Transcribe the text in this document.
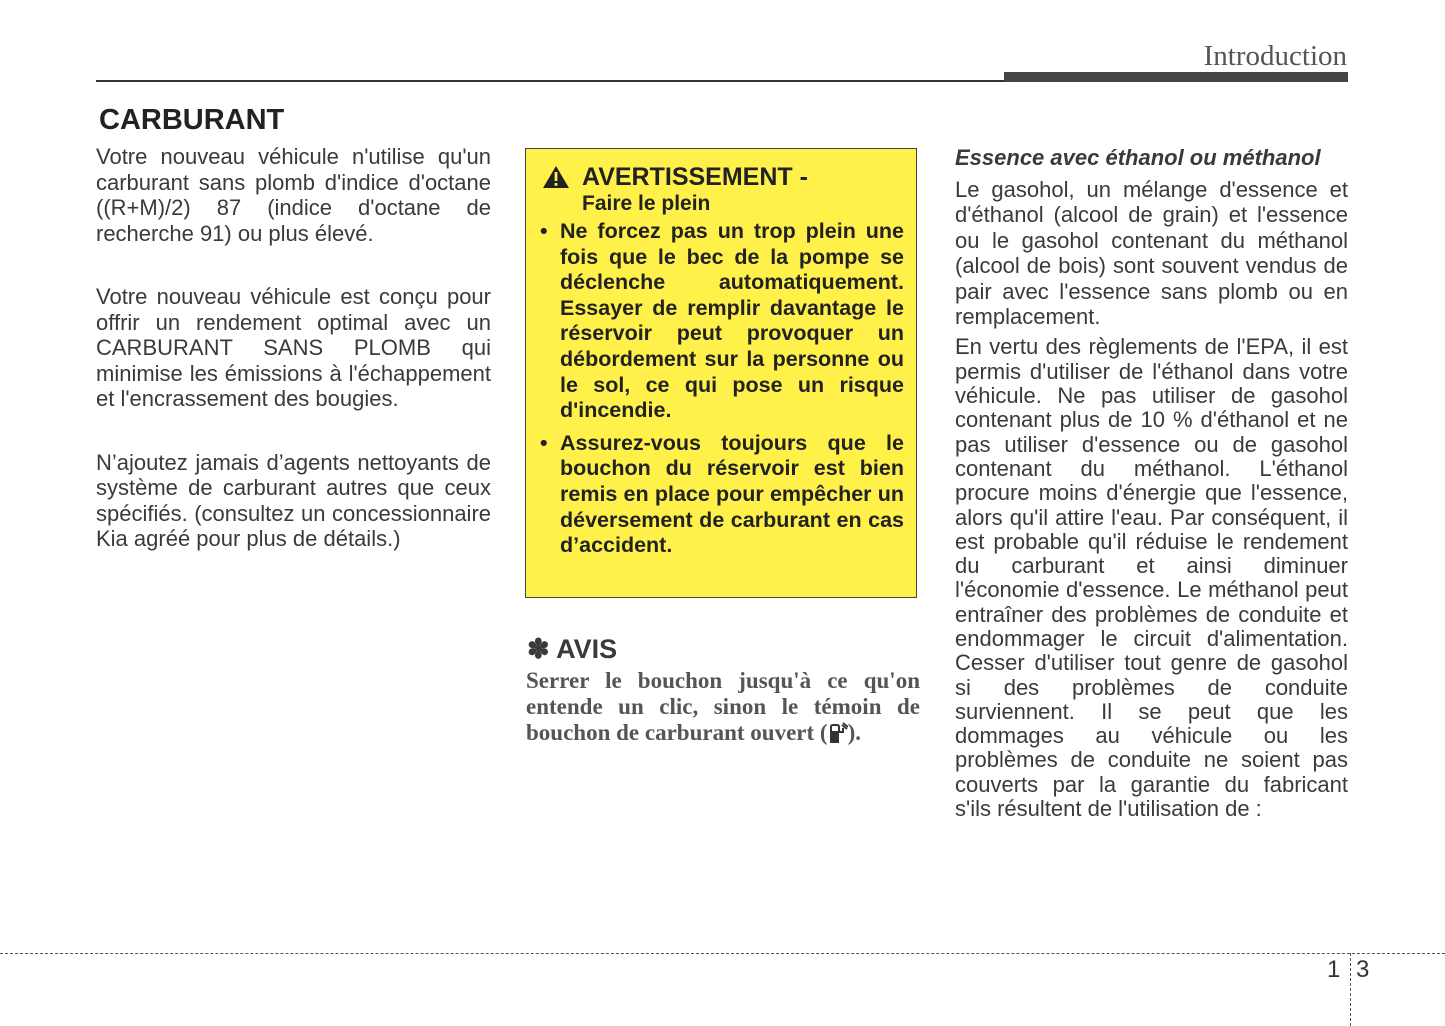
Introduction
CARBURANT

Votre nouveau véhicule n'utilise qu'un carburant sans plomb d'indice d'octane ((R+M)/2) 87 (indice d'octane de recherche 91) ou plus élevé.

Votre nouveau véhicule est conçu pour offrir un rendement optimal avec un CARBURANT SANS PLOMB qui minimise les émissions à l'échappement et l'encrassement des bougies.

N’ajoutez jamais d’agents nettoyants de système de carburant autres que ceux spécifiés. (consultez un concessionnaire Kia agréé pour plus de détails.)

AVERTISSEMENT -
Faire le plein
• Ne forcez pas un trop plein une fois que le bec de la pompe se déclenche automatiquement. Essayer de remplir davantage le réservoir peut provoquer un débordement sur la personne ou le sol, ce qui pose un risque d'incendie.
• Assurez-vous toujours que le bouchon du réservoir est bien remis en place pour empêcher un déversement de carburant en cas d’accident.
✽ AVIS
Serrer le bouchon jusqu'à ce qu'on entende un clic, sinon le témoin de bouchon de carburant ouvert ( ).
Essence avec éthanol ou méthanol

Le gasohol, un mélange d'essence et d'éthanol (alcool de grain) et l'essence ou le gasohol contenant du méthanol (alcool de bois) sont souvent vendus de pair avec l'essence sans plomb ou en remplacement.

En vertu des règlements de l'EPA, il est permis d'utiliser de l'éthanol dans votre véhicule. Ne pas utiliser de gasohol contenant plus de 10 % d'éthanol et ne pas utiliser d'essence ou de gasohol contenant du méthanol. L'éthanol procure moins d'énergie que l'essence, alors qu'il attire l'eau. Par conséquent, il est probable qu'il réduise le rendement du carburant et ainsi diminuer l'économie d'essence. Le méthanol peut entraîner des problèmes de conduite et endommager le circuit d'alimentation. Cesser d'utiliser tout genre de gasohol si des problèmes de conduite surviennent. Il se peut que les dommages au véhicule ou les problèmes de conduite ne soient pas couverts par la garantie du fabricant s'ils résultent de l'utilisation de :

1 3
